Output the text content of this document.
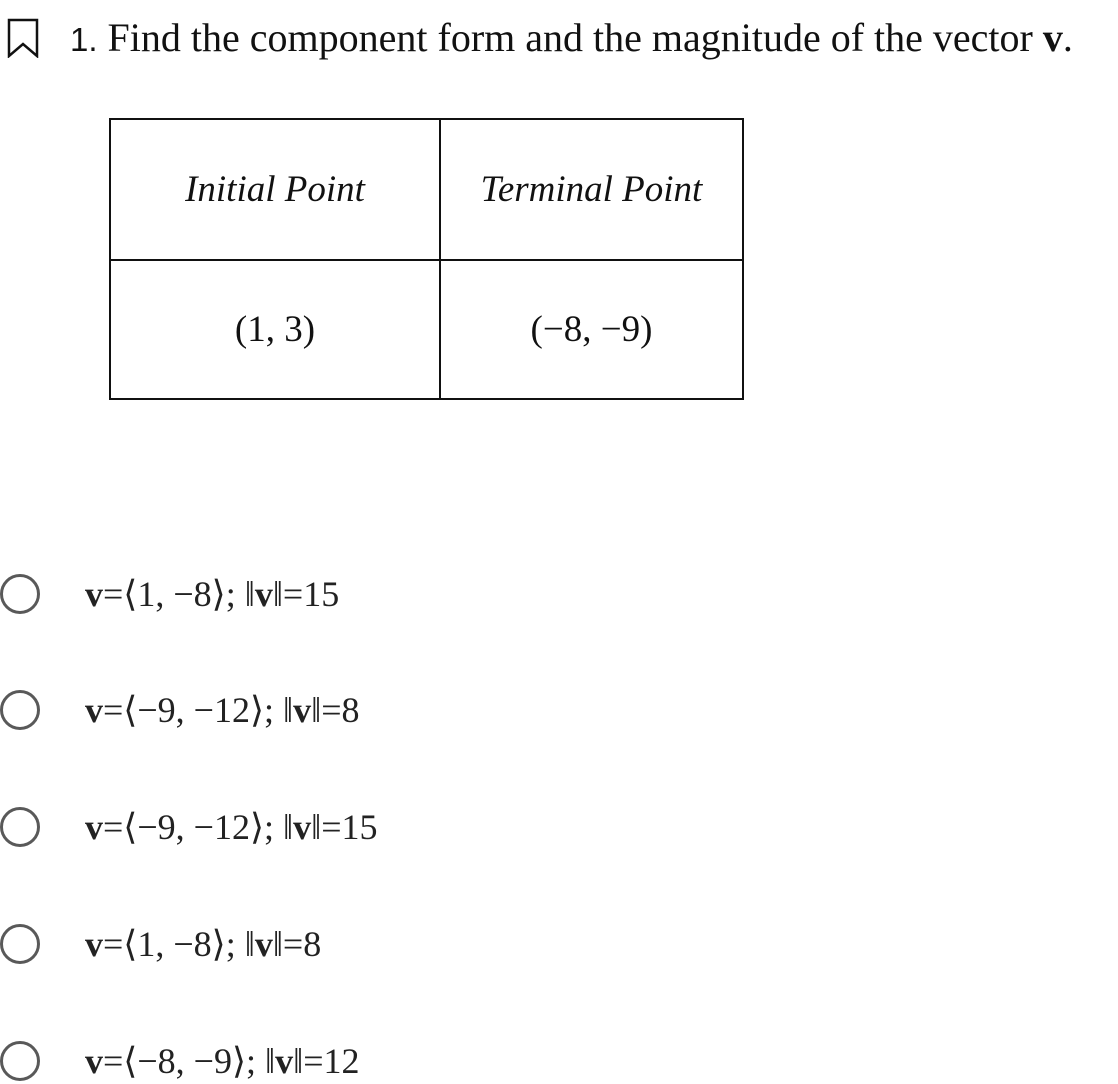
1. Find the component form and the magnitude of the vector v.
Initial Point	Terminal Point
(1, 3)	(−8, −9)
v=⟨1, −8⟩; ‖v‖=15
v=⟨−9, −12⟩; ‖v‖=8
v=⟨−9, −12⟩; ‖v‖=15
v=⟨1, −8⟩; ‖v‖=8
v=⟨−8, −9⟩; ‖v‖=12
